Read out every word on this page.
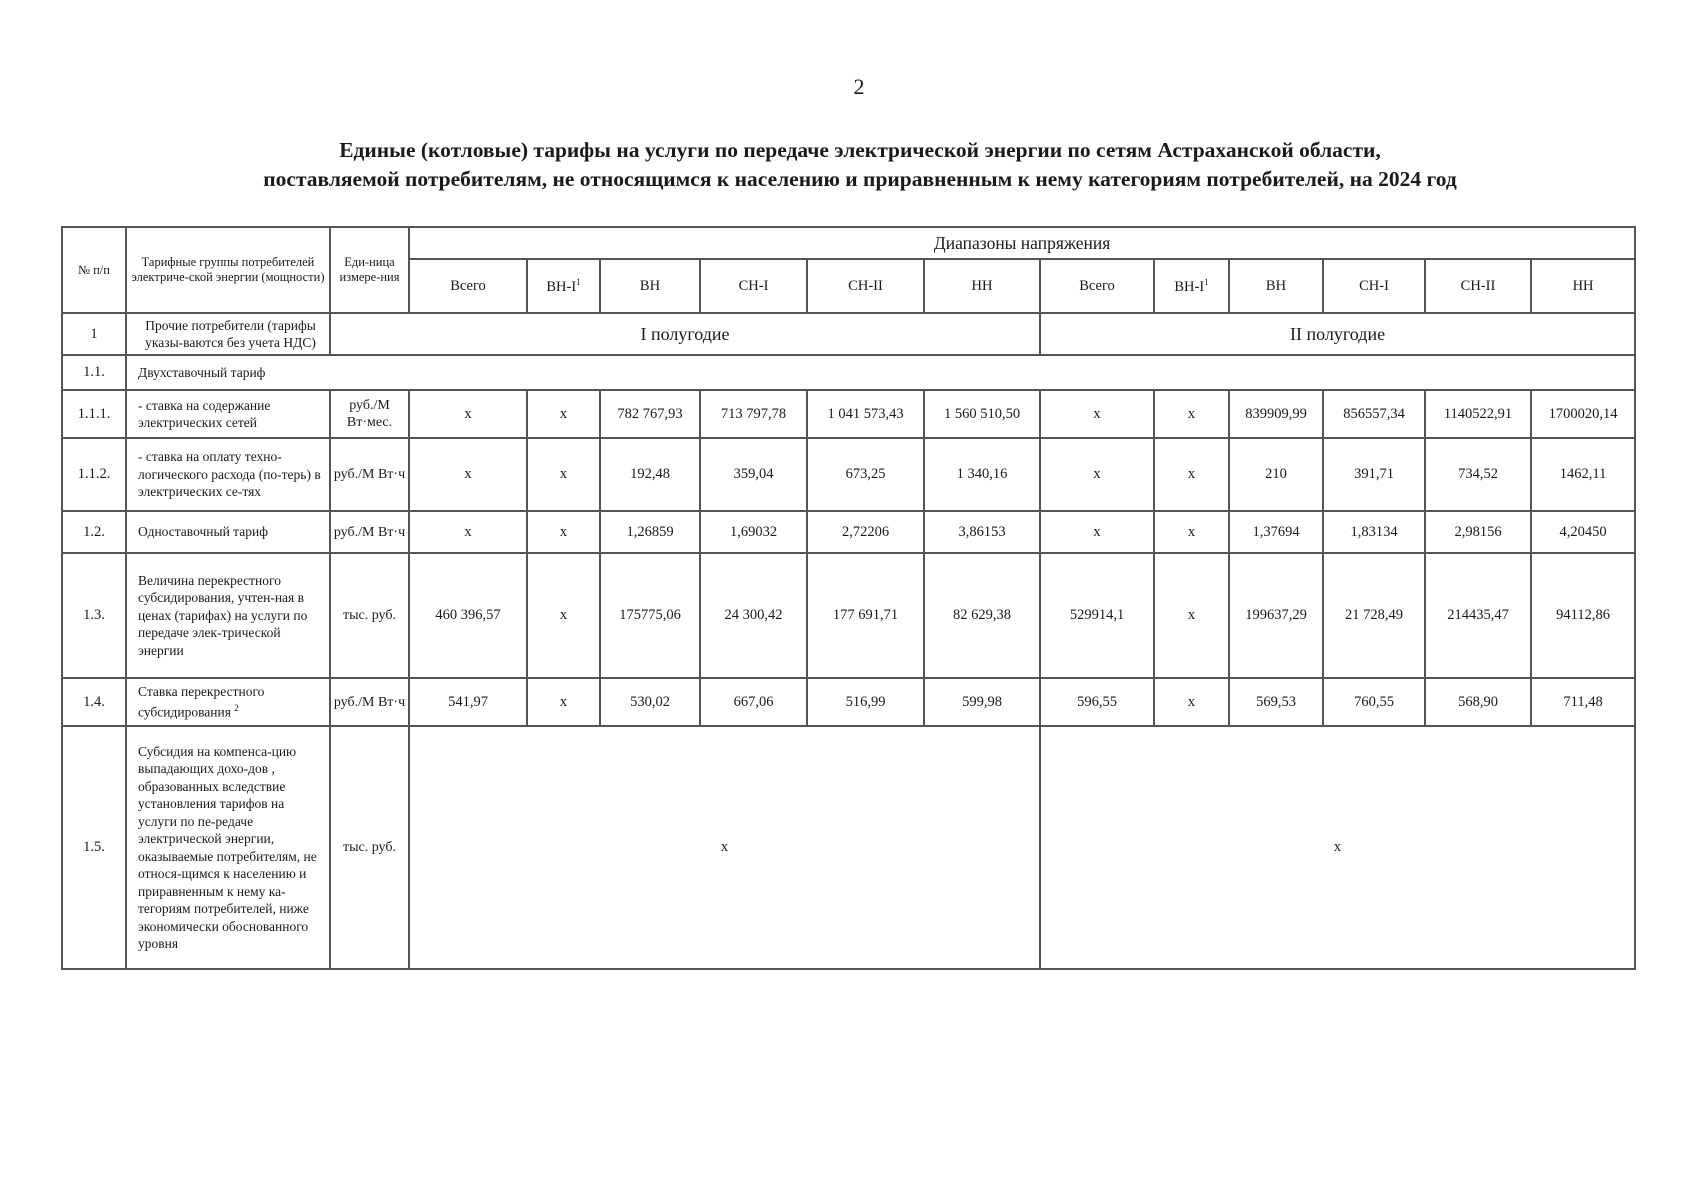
2
Единые (котловые) тарифы на услуги по передаче электрической энергии по сетям Астраханской области,
поставляемой потребителям, не относящимся к населению и приравненным к нему категориям потребителей, на 2024 год
№ п/п	Тарифные группы потребителей электриче-ской энергии (мощности)	Еди-ница измере-ния	Диапазоны напряжения											
			Всего	$ВН-I^1$	ВН	СН-I	СН-II	НН	Всего	$ВН-I^1$	ВН	СН-I	СН-II	НН
1	Прочие потребители (тарифы указы-ваются без учета НДС)	I полугодие							II полугодие					
1.1.	Двухставочный тариф													
1.1.1.	- ставка на содержание электрических сетей	руб./М Вт·мес.	х	х	782 767,93	713 797,78	1 041 573,43	1 560 510,50	х	х	839909,99	856557,34	1140522,91	1700020,14
1.1.2.	- ставка на оплату техно-логического расхода (по-терь) в электрических се-тях	руб./М Вт·ч	х	х	192,48	359,04	673,25	1 340,16	х	х	210	391,71	734,52	1462,11
1.2.	Одноставочный тариф	руб./М Вт·ч	х	х	1,26859	1,69032	2,72206	3,86153	х	х	1,37694	1,83134	2,98156	4,20450
1.3.	Величина перекрестного субсидирования, учтен-ная в ценах (тарифах) на услуги по передаче элек-трической энергии	тыс. руб.	460 396,57	х	175775,06	24 300,42	177 691,71	82 629,38	529914,1	х	199637,29	21 728,49	214435,47	94112,86
1.4.	Ставка перекрестного субсидирования $^2$	руб./М Вт·ч	541,97	х	530,02	667,06	516,99	599,98	596,55	х	569,53	760,55	568,90	711,48
1.5.	Субсидия на компенса-цию выпадающих дохо-дов , образованных вследствие установления тарифов на услуги по пе-редаче электрической энергии, оказываемые потребителям, не относя-щимся к населению и приравненным к нему ка-тегориям потребителей, ниже экономически обоснованного уровня	тыс. руб.	х						х					
